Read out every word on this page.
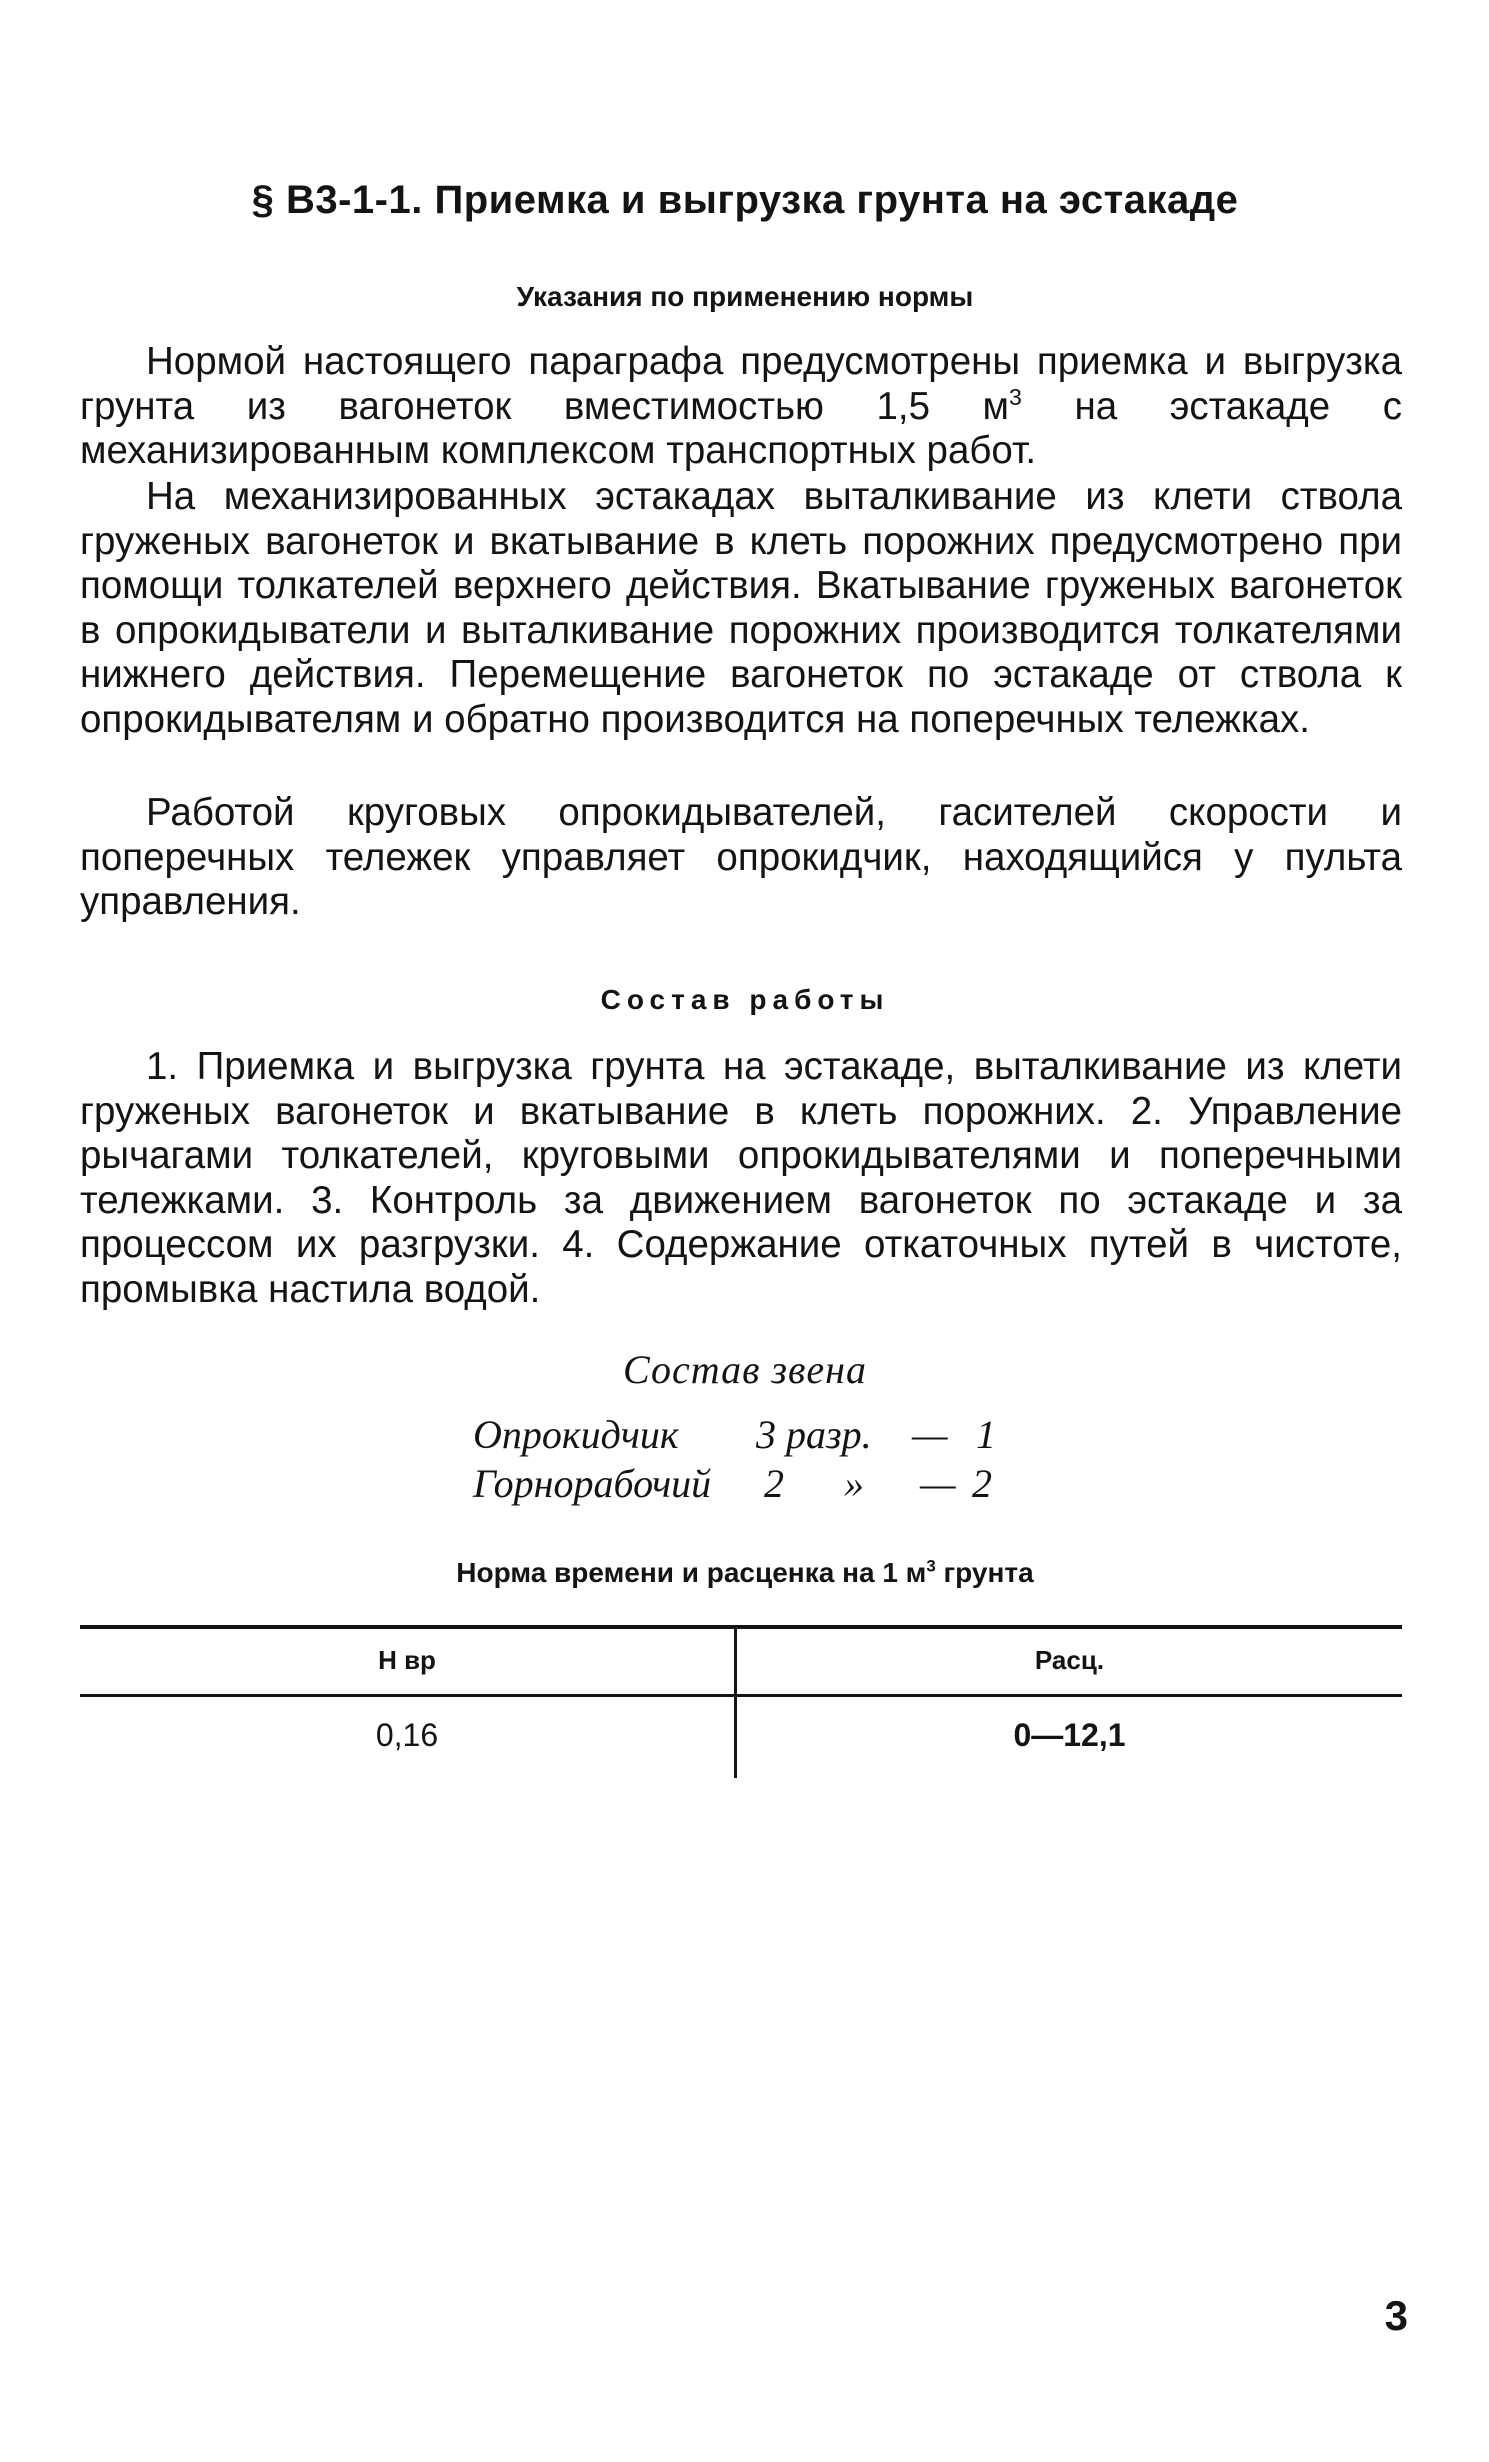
§ В3-1-1. Приемка и выгрузка грунта на эстакаде
Указания по применению нормы

Нормой настоящего параграфа предусмотрены приемка и выгрузка грунта из вагонеток вместимостью 1,5 $м^3$ на эстакаде с механизированным комплексом транспортных работ.

На механизированных эстакадах выталкивание из клети ствола груженых вагонеток и вкатывание в клеть порожних предусмотрено при помощи толкателей верхнего действия. Вкатывание груженых вагонеток в опрокидыватели и выталкивание порожних производится толкателями нижнего действия. Перемещение вагонеток по эстакаде от ствола к опрокидывателям и обратно производится на поперечных тележках.

Работой круговых опрокидывателей, гасителей скорости и поперечных тележек управляет опрокидчик, находящийся у пульта управления.

Состав работы

1. Приемка и выгрузка грунта на эстакаде, выталкивание из клети груженых вагонеток и вкатывание в клеть порожних. 2. Управление рычагами толкателей, круговыми опрокидывателями и поперечными тележками. 3. Контроль за движением вагонеток по эстакаде и за процессом их разгрузки. 4. Содержание откаточных путей в чистоте, промывка настила водой.

Состав звена

Опрокидчик

3 разр.

—

1

Горнорабочий

2

»

—

2

Норма времени и расценка на 1 $м^3$ грунта
Н вр	Расц.
0,16	0—12,1
3
